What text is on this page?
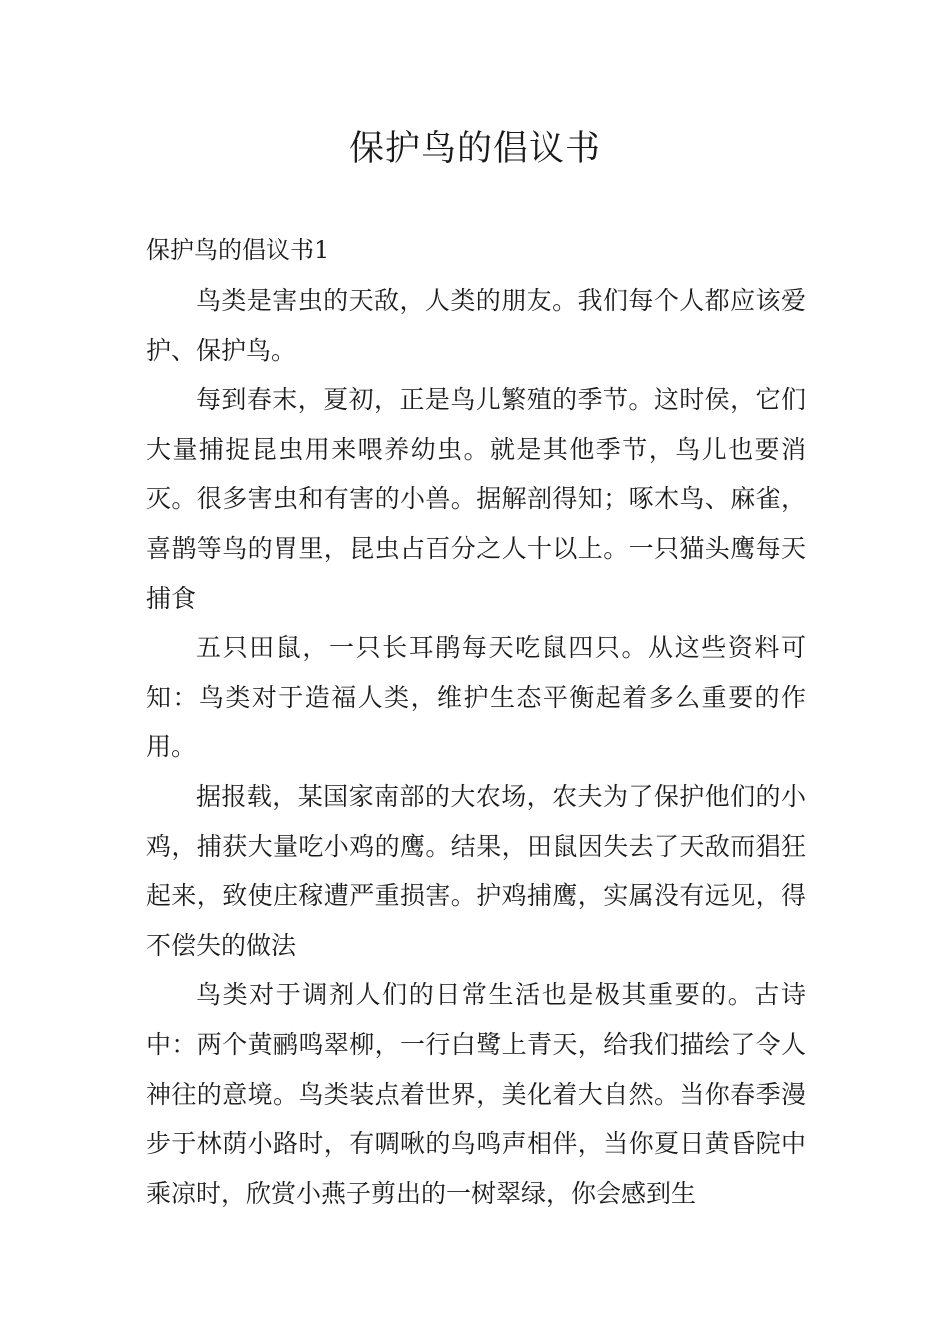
保护鸟的倡议书
保护鸟的倡议书1

鸟类是害虫的天敌，人类的朋友。我们每个人都应该爱护、保护鸟。

每到春末，夏初，正是鸟儿繁殖的季节。这时侯，它们大量捕捉昆虫用来喂养幼虫。就是其他季节，鸟儿也要消灭。很多害虫和有害的小兽。据解剖得知；啄木鸟、麻雀，喜鹊等鸟的胃里，昆虫占百分之人十以上。一只猫头鹰每天捕食

五只田鼠，一只长耳鹃每天吃鼠四只。从这些资料可知：鸟类对于造福人类，维护生态平衡起着多么重要的作用。

据报载，某国家南部的大农场，农夫为了保护他们的小鸡，捕获大量吃小鸡的鹰。结果，田鼠因失去了天敌而猖狂起来，致使庄稼遭严重损害。护鸡捕鹰，实属没有远见，得不偿失的做法

鸟类对于调剂人们的日常生活也是极其重要的。古诗中：两个黄鹂鸣翠柳，一行白鹭上青天，给我们描绘了令人神往的意境。鸟类装点着世界，美化着大自然。当你春季漫步于林荫小路时，有啁啾的鸟鸣声相伴，当你夏日黄昏院中乘凉时，欣赏小燕子剪出的一树翠绿，你会感到生
